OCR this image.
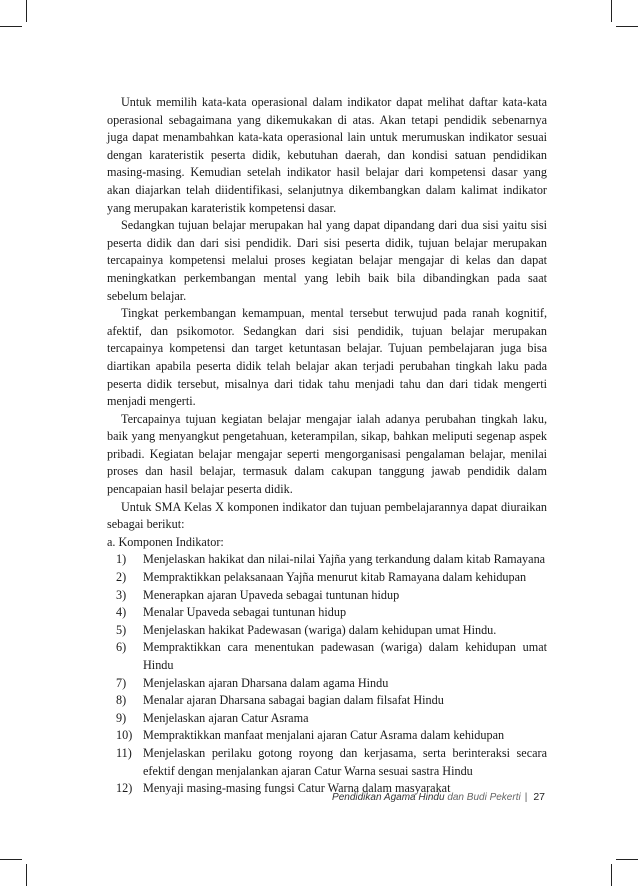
Untuk memilih kata-kata operasional dalam indikator dapat melihat daftar kata-kata operasional sebagaimana yang dikemukakan di atas. Akan tetapi pendidik sebenarnya juga dapat menambahkan kata-kata operasional lain untuk merumuskan indikator sesuai dengan karateristik peserta didik, kebutuhan daerah, dan kondisi satuan pendidikan masing-masing. Kemudian setelah indikator hasil belajar dari kompetensi dasar yang akan diajarkan telah diidentifikasi, selanjutnya dikembangkan dalam kalimat indikator yang merupakan karateristik kompetensi dasar.

Sedangkan tujuan belajar merupakan hal yang dapat dipandang dari dua sisi yaitu sisi peserta didik dan dari sisi pendidik. Dari sisi peserta didik, tujuan belajar merupakan tercapainya kompetensi melalui proses kegiatan belajar mengajar di kelas dan dapat meningkatkan perkembangan mental yang lebih baik bila dibandingkan pada saat sebelum belajar.

Tingkat perkembangan kemampuan, mental tersebut terwujud pada ranah kognitif, afektif, dan psikomotor. Sedangkan dari sisi pendidik, tujuan belajar merupakan tercapainya kompetensi dan target ketuntasan belajar. Tujuan pembelajaran juga bisa diartikan apabila peserta didik telah belajar akan terjadi perubahan tingkah laku pada peserta didik tersebut, misalnya dari tidak tahu menjadi tahu dan dari tidak mengerti menjadi mengerti.

Tercapainya tujuan kegiatan belajar mengajar ialah adanya perubahan tingkah laku, baik yang menyangkut pengetahuan, keterampilan, sikap, bahkan meliputi segenap aspek pribadi. Kegiatan belajar mengajar seperti mengorganisasi pengalaman belajar, menilai proses dan hasil belajar, termasuk dalam cakupan tanggung jawab pendidik dalam pencapaian hasil belajar peserta didik.

Untuk SMA Kelas X komponen indikator dan tujuan pembelajarannya dapat diuraikan sebagai berikut:

a. Komponen Indikator:

1)	Menjelaskan hakikat dan nilai-nilai Yajña yang terkandung dalam kitab Ramayana
2)	Mempraktikkan pelaksanaan Yajña menurut kitab Ramayana dalam kehidupan
3)	Menerapkan ajaran Upaveda sebagai tuntunan hidup
4)	Menalar Upaveda sebagai tuntunan hidup
5)	Menjelaskan hakikat Padewasan (wariga) dalam kehidupan umat Hindu.
6)	Mempraktikkan cara menentukan padewasan (wariga) dalam kehidupan umat Hindu
7)	Menjelaskan ajaran Dharsana dalam agama Hindu
8)	Menalar ajaran Dharsana sabagai bagian dalam filsafat Hindu
9)	Menjelaskan ajaran Catur Asrama
10) Mempraktikkan manfaat menjalani ajaran Catur Asrama dalam kehidupan
11) Menjelaskan perilaku gotong royong dan kerjasama, serta berinteraksi secara efektif dengan menjalankan ajaran Catur Warna sesuai sastra Hindu
12) Menyaji masing-masing fungsi Catur Warna dalam masyarakat
Pendidikan Agama Hindu dan Budi Pekerti | 27
